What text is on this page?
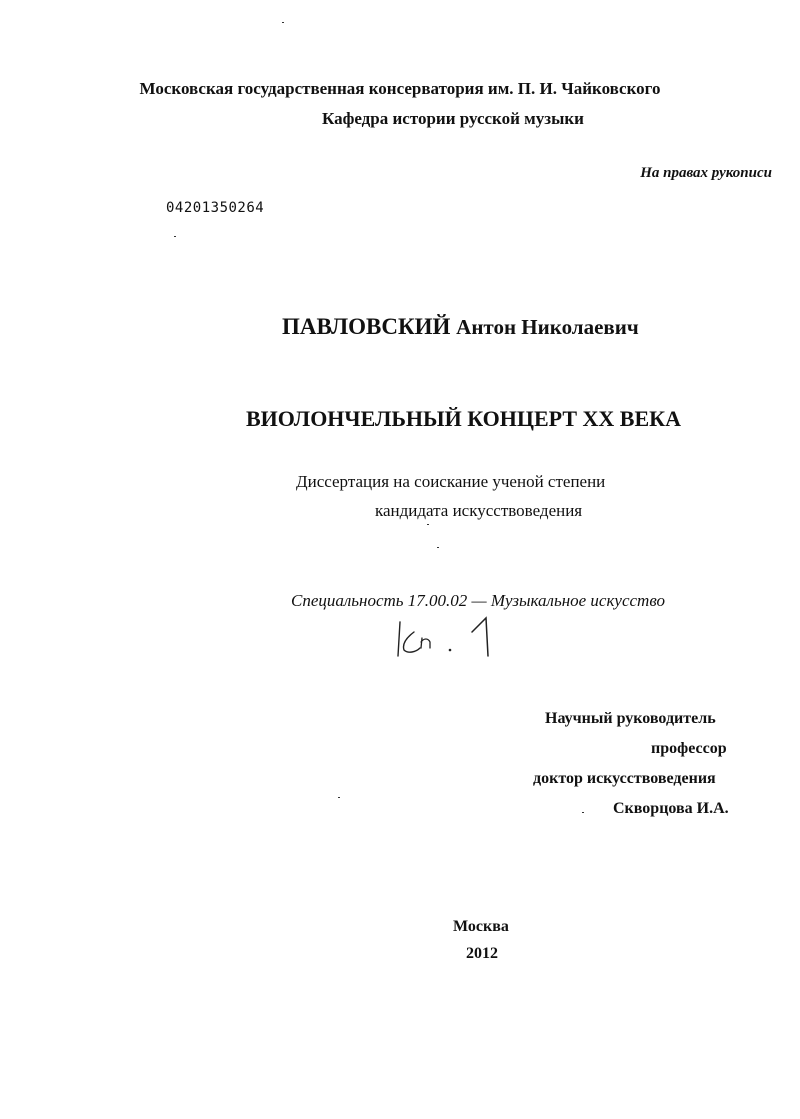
Московская государственная консерватория им. П. И. Чайковского
Кафедра истории русской музыки
На правах рукописи
04201350264
ПАВЛОВСКИЙ Антон Николаевич
ВИОЛОНЧЕЛЬНЫЙ КОНЦЕРТ XX ВЕКА
Диссертация на соискание ученой степени
кандидата искусствоведения
Специальность 17.00.02 — Музыкальное искусство
Научный руководитель
профессор
доктор искусствоведения
Скворцова И.А.
Москва
2012
